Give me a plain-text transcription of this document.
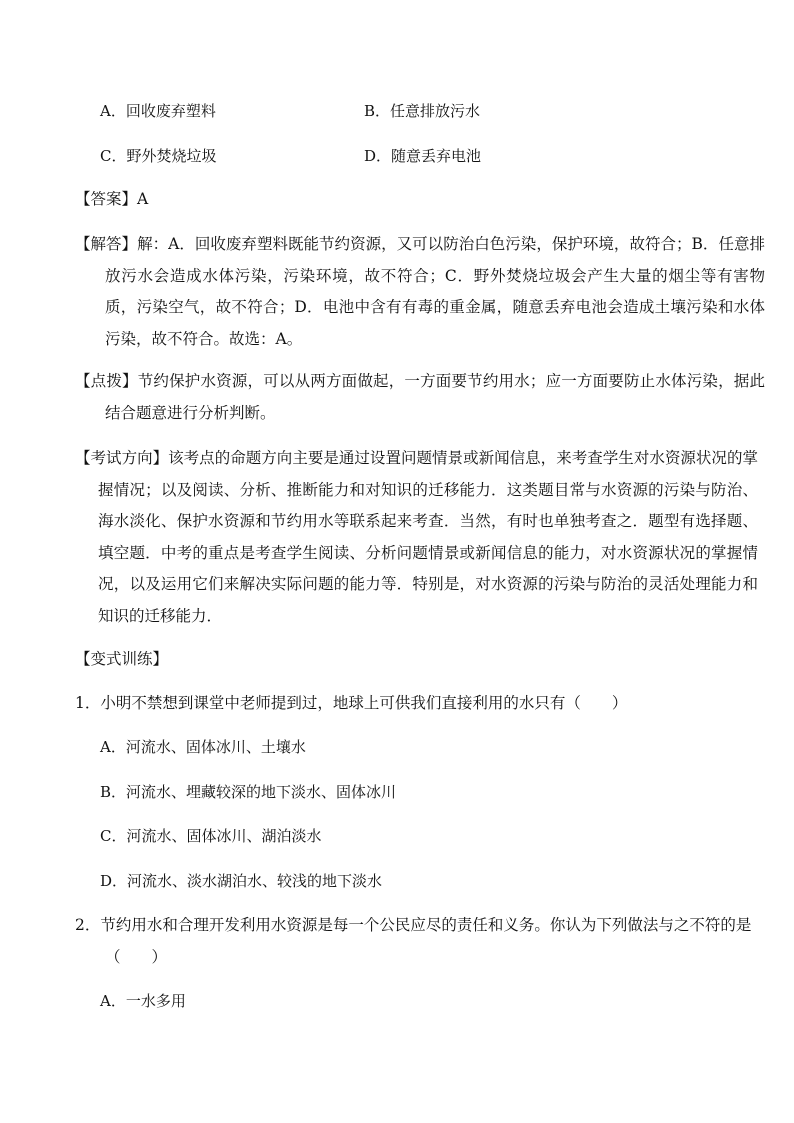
A．回收废弃塑料	B．任意排放污水
C．野外焚烧垃圾	D．随意丢弃电池
【答案】A
【解答】解：A．回收废弃塑料既能节约资源，又可以防治白色污染，保护环境，故符合；B．任意排放污水会造成水体污染，污染环境，故不符合；C．野外焚烧垃圾会产生大量的烟尘等有害物质，污染空气，故不符合；D．电池中含有有毒的重金属，随意丢弃电池会造成土壤污染和水体污染，故不符合。故选：A。
【点拨】节约保护水资源，可以从两方面做起，一方面要节约用水；应一方面要防止水体污染，据此结合题意进行分析判断。
【考试方向】该考点的命题方向主要是通过设置问题情景或新闻信息，来考查学生对水资源状况的掌握情况；以及阅读、分析、推断能力和对知识的迁移能力．这类题目常与水资源的污染与防治、海水淡化、保护水资源和节约用水等联系起来考查．当然，有时也单独考查之．题型有选择题、填空题．中考的重点是考查学生阅读、分析问题情景或新闻信息的能力，对水资源状况的掌握情况，以及运用它们来解决实际问题的能力等．特别是，对水资源的污染与防治的灵活处理能力和知识的迁移能力．
【变式训练】
1．小明不禁想到课堂中老师提到过，地球上可供我们直接利用的水只有（　　）
A．河流水、固体冰川、土壤水
B．河流水、埋藏较深的地下淡水、固体冰川
C．河流水、固体冰川、湖泊淡水
D．河流水、淡水湖泊水、较浅的地下淡水
2．节约用水和合理开发利用水资源是每一个公民应尽的责任和义务。你认为下列做法与之不符的是（　　）
A．一水多用
